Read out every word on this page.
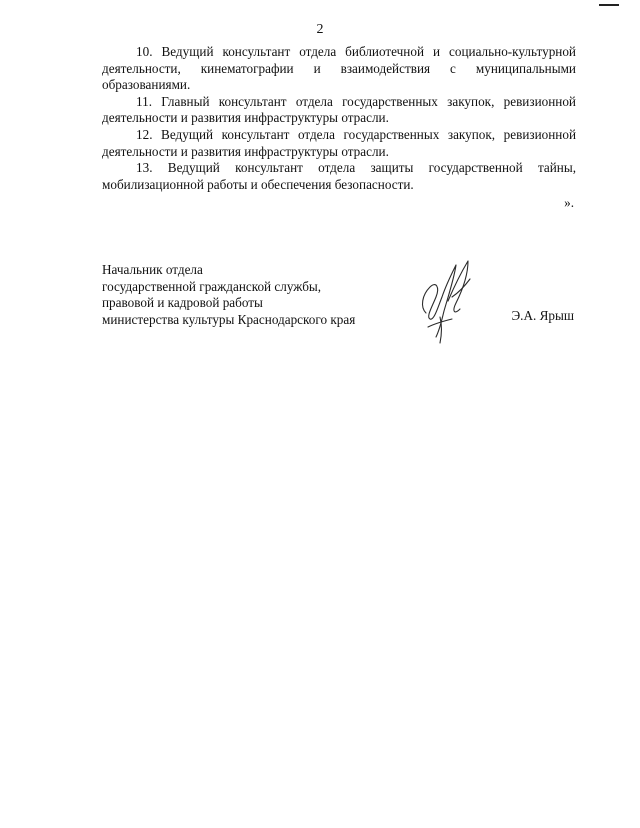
2

10. Ведущий консультант отдела библиотечной и социально-культурной деятельности, кинематографии и взаимодействия с муниципальными образованиями.

11. Главный консультант отдела государственных закупок, ревизионной деятельности и развития инфраструктуры отрасли.

12. Ведущий консультант отдела государственных закупок, ревизионной деятельности и развития инфраструктуры отрасли.

13. Ведущий консультант отдела защиты государственной тайны, мобилизационной работы и обеспечения безопасности.

».

Начальник отдела

государственной гражданской службы,

правовой и кадровой работы

министерства культуры Краснодарского края	Э.А. Ярыш
